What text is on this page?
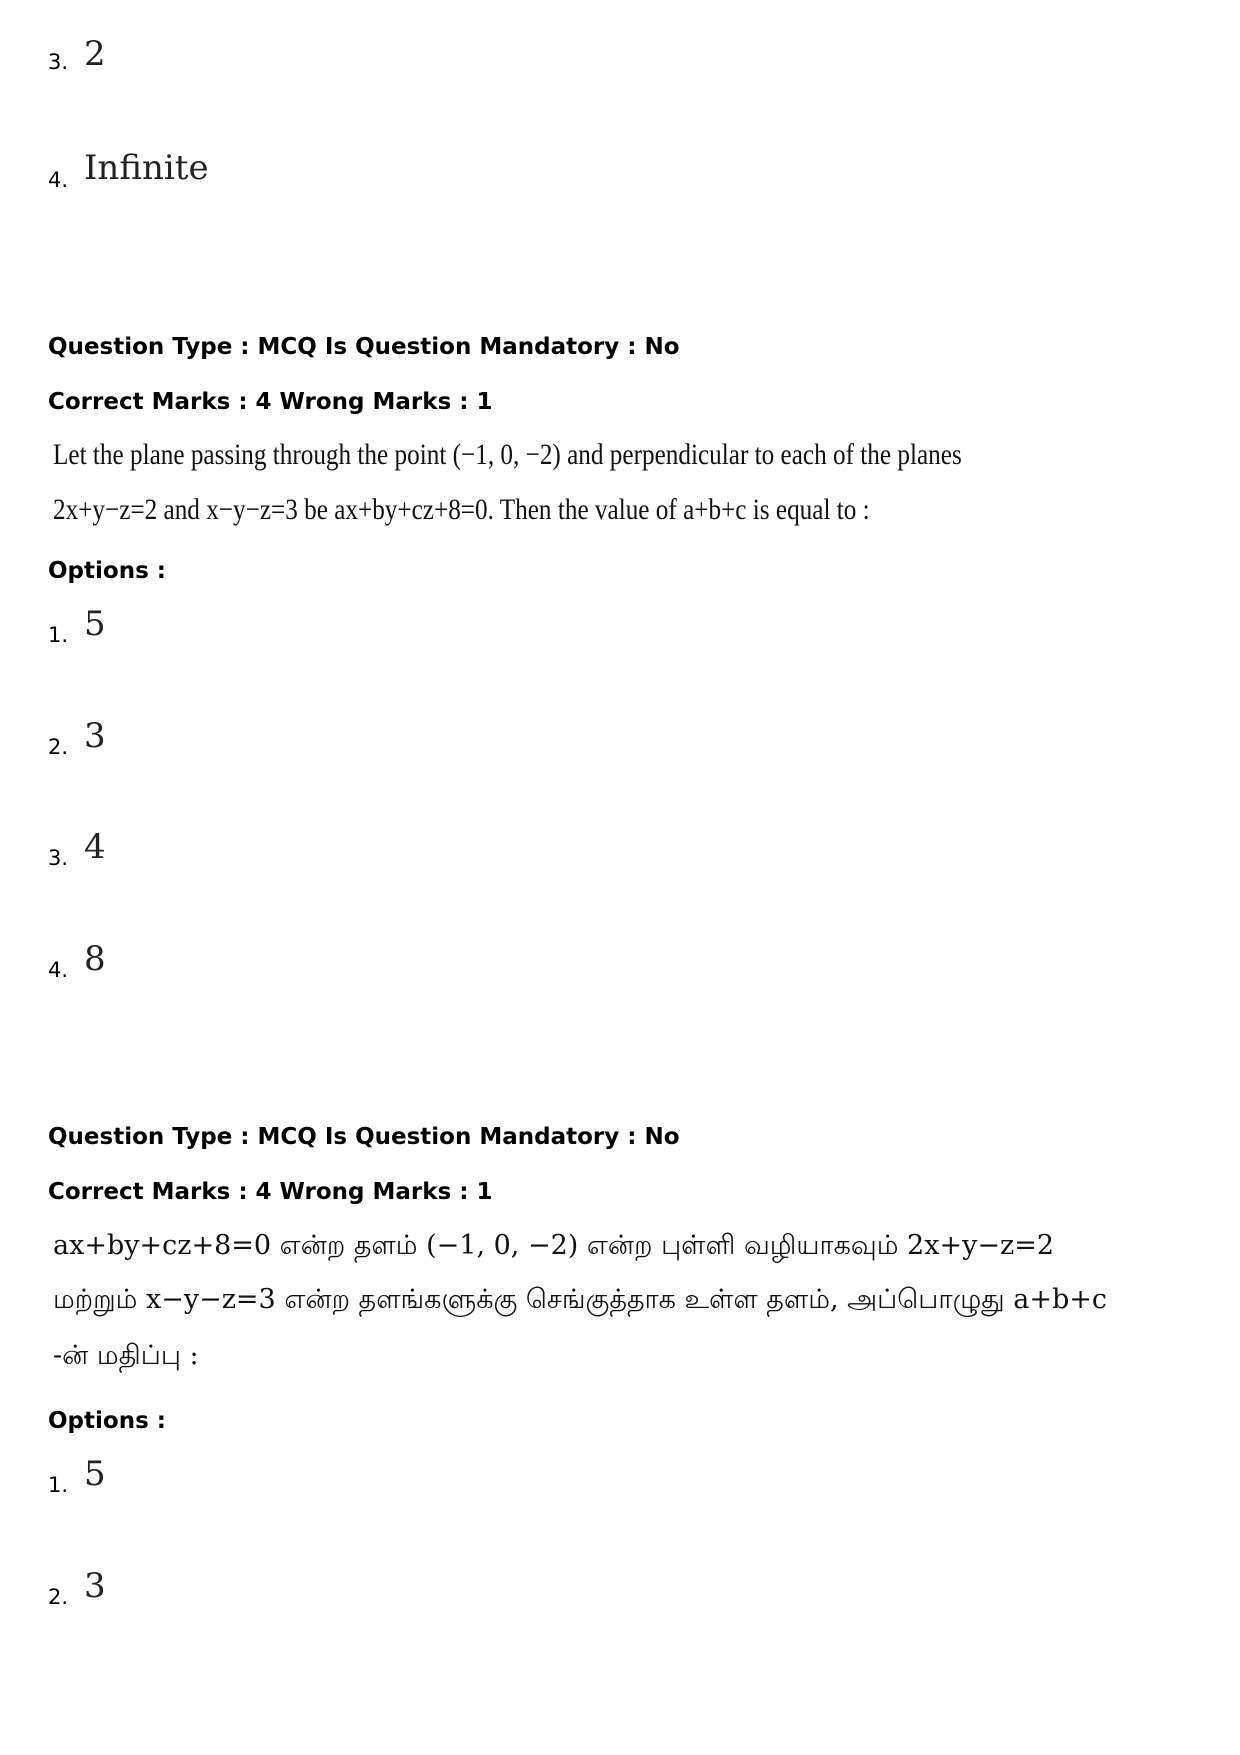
3. 2
4. Infinite
Question Type : MCQ Is Question Mandatory : No
Correct Marks : 4 Wrong Marks : 1
Let the plane passing through the point (−1, 0, −2) and perpendicular to each of the planes
2x+y−z=2 and x−y−z=3 be ax+by+cz+8=0. Then the value of a+b+c is equal to :
Options :
1. 5
2. 3
3. 4
4. 8
Question Type : MCQ Is Question Mandatory : No
Correct Marks : 4 Wrong Marks : 1
ax+by+cz+8=0 என்ற தளம் (−1, 0, −2) என்ற புள்ளி வழியாகவும் 2x+y−z=2
மற்றும் x−y−z=3 என்ற தளங்களுக்கு செங்குத்தாக உள்ள தளம், அப்பொழுது a+b+c
-ன் மதிப்பு :
Options :
1. 5
2. 3
